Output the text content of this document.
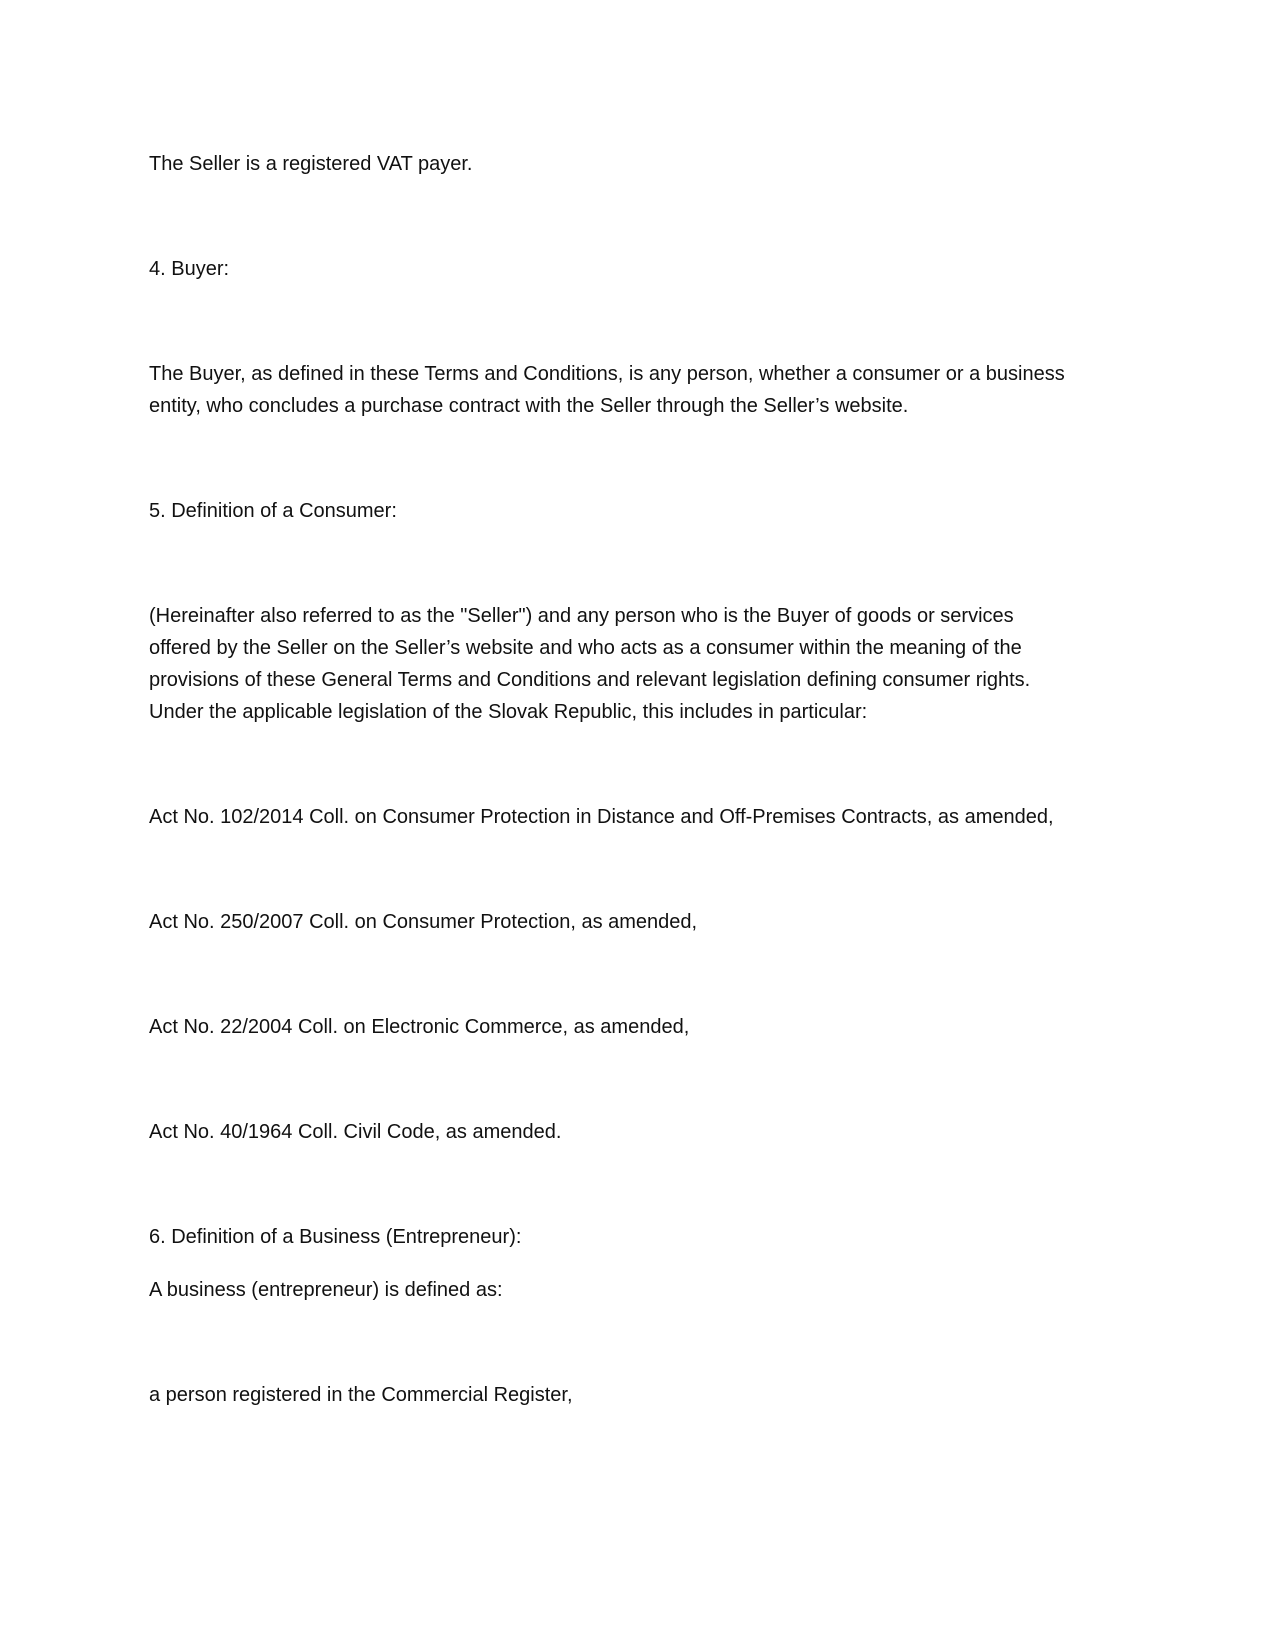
The Seller is a registered VAT payer.

4. Buyer:

The Buyer, as defined in these Terms and Conditions, is any person, whether a consumer or a business
entity, who concludes a purchase contract with the Seller through the Seller’s website.

5. Definition of a Consumer:

(Hereinafter also referred to as the "Seller") and any person who is the Buyer of goods or services
offered by the Seller on the Seller’s website and who acts as a consumer within the meaning of the
provisions of these General Terms and Conditions and relevant legislation defining consumer rights.
Under the applicable legislation of the Slovak Republic, this includes in particular:

Act No. 102/2014 Coll. on Consumer Protection in Distance and Off-Premises Contracts, as amended,

Act No. 250/2007 Coll. on Consumer Protection, as amended,

Act No. 22/2004 Coll. on Electronic Commerce, as amended,

Act No. 40/1964 Coll. Civil Code, as amended.

6. Definition of a Business (Entrepreneur):

A business (entrepreneur) is defined as:

a person registered in the Commercial Register,
